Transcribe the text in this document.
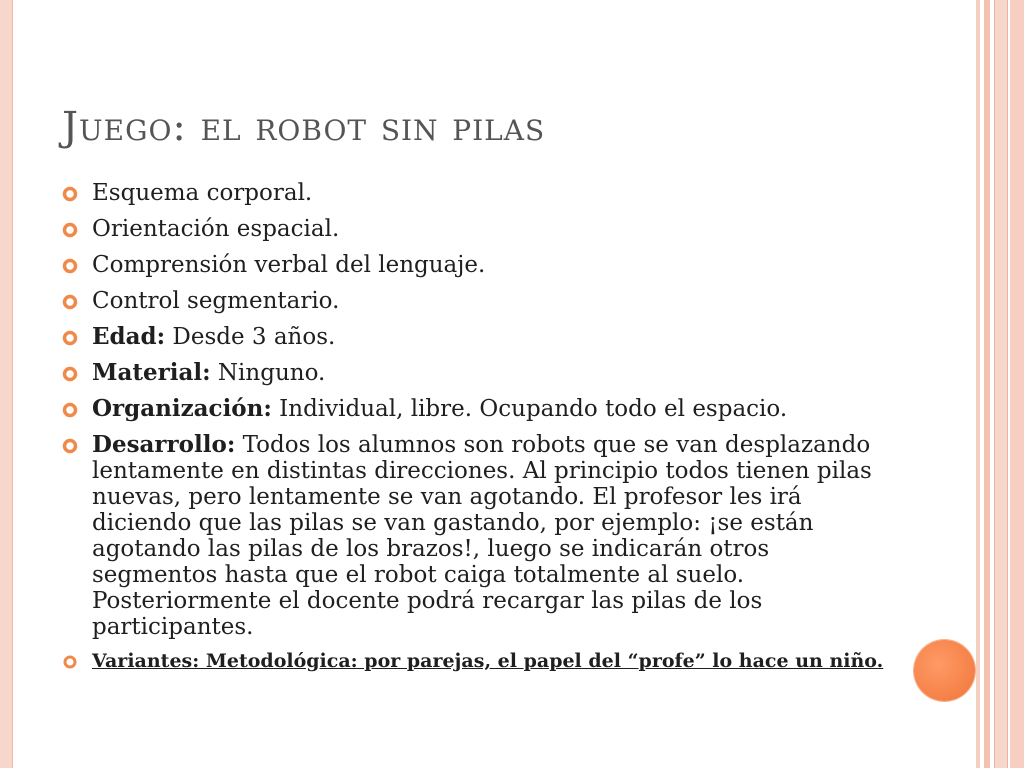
Juego: el robot sin pilas
Esquema corporal.
Orientación espacial.
Comprensión verbal del lenguaje.
Control segmentario.
Edad: Desde 3 años.
Material: Ninguno.
Organización: Individual, libre. Ocupando todo el espacio.
Desarrollo: Todos los alumnos son robots que se van desplazando lentamente en distintas direcciones. Al principio todos tienen pilas nuevas, pero lentamente se van agotando. El profesor les irá diciendo que las pilas se van gastando, por ejemplo: ¡se están agotando las pilas de los brazos!, luego se indicarán otros segmentos hasta que el robot caiga totalmente al suelo. Posteriormente el docente podrá recargar las pilas de los participantes.
Variantes: Metodológica: por parejas, el papel del “profe” lo hace un niño.
